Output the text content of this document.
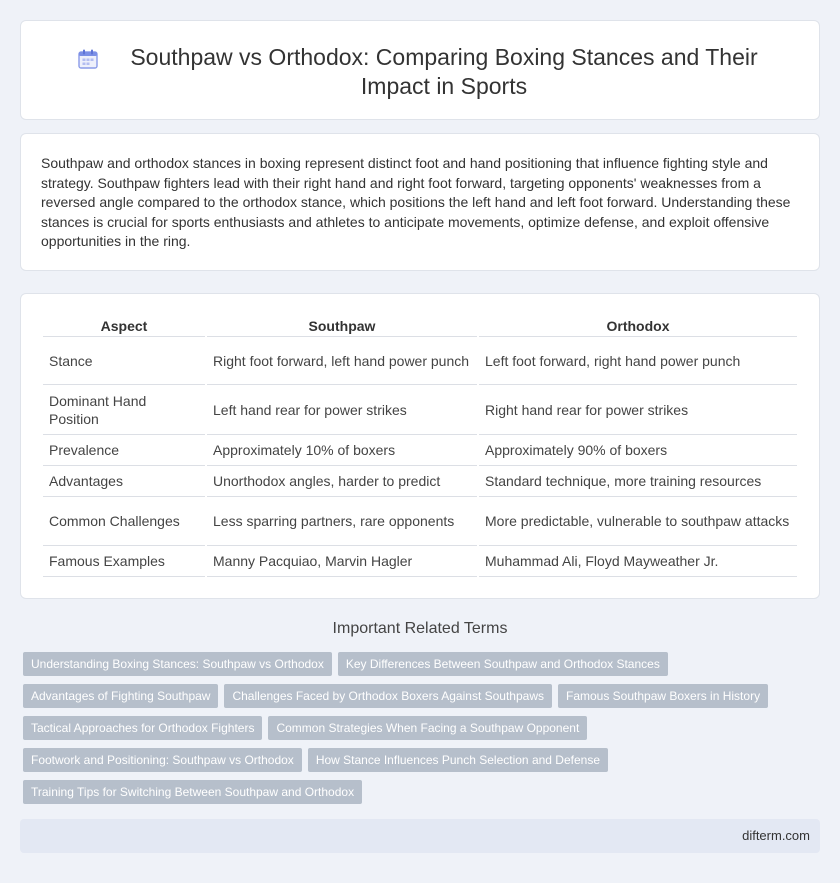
Southpaw vs Orthodox: Comparing Boxing Stances and Their Impact in Sports

Southpaw and orthodox stances in boxing represent distinct foot and hand positioning that influence fighting style and strategy. Southpaw fighters lead with their right hand and right foot forward, targeting opponents' weaknesses from a reversed angle compared to the orthodox stance, which positions the left hand and left foot forward. Understanding these stances is crucial for sports enthusiasts and athletes to anticipate movements, optimize defense, and exploit offensive opportunities in the ring.

Aspect	Southpaw	Orthodox
Stance	Right foot forward, left hand power punch	Left foot forward, right hand power punch
Dominant Hand Position	Left hand rear for power strikes	Right hand rear for power strikes
Prevalence	Approximately 10% of boxers	Approximately 90% of boxers
Advantages	Unorthodox angles, harder to predict	Standard technique, more training resources
Common Challenges	Less sparring partners, rare opponents	More predictable, vulnerable to southpaw attacks
Famous Examples	Manny Pacquiao, Marvin Hagler	Muhammad Ali, Floyd Mayweather Jr.
Important Related Terms
Understanding Boxing Stances: Southpaw vs Orthodox	Key Differences Between Southpaw and Orthodox Stances
Advantages of Fighting Southpaw	Challenges Faced by Orthodox Boxers Against Southpaws	Famous Southpaw Boxers in History
Tactical Approaches for Orthodox Fighters	Common Strategies When Facing a Southpaw Opponent
Footwork and Positioning: Southpaw vs Orthodox	How Stance Influences Punch Selection and Defense
Training Tips for Switching Between Southpaw and Orthodox
difterm.com
